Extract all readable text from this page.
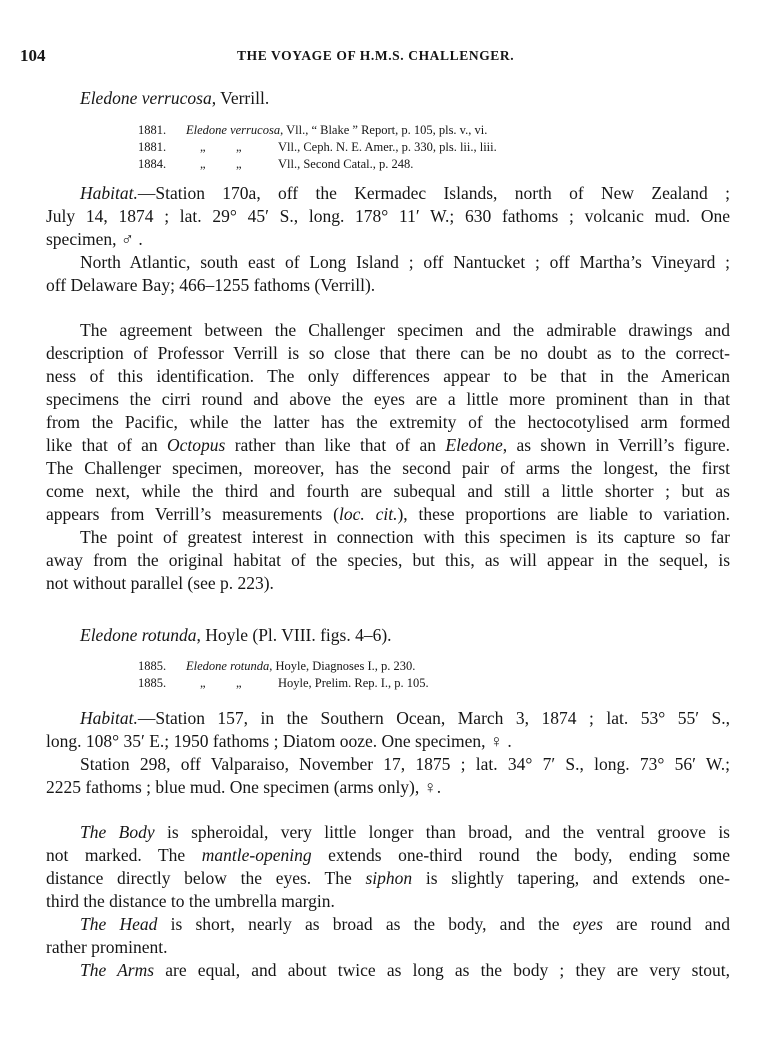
104	THE VOYAGE OF H.M.S. CHALLENGER.
Eledone verrucosa, Verrill.
1881. Eledone verrucosa, Vll., “ Blake ” Report, p. 105, pls. v., vi.
1881.	„ „	Vll., Ceph. N. E. Amer., p. 330, pls. lii., liii.
1884.	„ „	Vll., Second Catal., p. 248.
Habitat.—Station 170a, off the Kermadec Islands, north of New Zealand ;
July 14, 1874 ; lat. 29° 45′ S., long. 178° 11′ W.; 630 fathoms ; volcanic mud. One
specimen, ♂ .
North Atlantic, south east of Long Island ; off Nantucket ; off Martha’s Vineyard ;
off Delaware Bay; 466–1255 fathoms (Verrill).
The agreement between the Challenger specimen and the admirable drawings and
description of Professor Verrill is so close that there can be no doubt as to the correct-
ness of this identification. The only differences appear to be that in the American
specimens the cirri round and above the eyes are a little more prominent than in that
from the Pacific, while the latter has the extremity of the hectocotylised arm formed
like that of an Octopus rather than like that of an Eledone, as shown in Verrill’s figure.
The Challenger specimen, moreover, has the second pair of arms the longest, the first
come next, while the third and fourth are subequal and still a little shorter ; but as
appears from Verrill’s measurements (loc. cit.), these proportions are liable to variation.
The point of greatest interest in connection with this specimen is its capture so far
away from the original habitat of the species, but this, as will appear in the sequel, is
not without parallel (see p. 223).
Eledone rotunda, Hoyle (Pl. VIII. figs. 4–6).
1885. Eledone rotunda, Hoyle, Diagnoses I., p. 230.
1885.	„ „	Hoyle, Prelim. Rep. I., p. 105.
Habitat.—Station 157, in the Southern Ocean, March 3, 1874 ; lat. 53° 55′ S.,
long. 108° 35′ E.; 1950 fathoms ; Diatom ooze. One specimen, ♀ .
Station 298, off Valparaiso, November 17, 1875 ; lat. 34° 7′ S., long. 73° 56′ W.;
2225 fathoms ; blue mud. One specimen (arms only), ♀.
The Body is spheroidal, very little longer than broad, and the ventral groove is
not marked. The mantle-opening extends one-third round the body, ending some
distance directly below the eyes. The siphon is slightly tapering, and extends one-
third the distance to the umbrella margin.
The Head is short, nearly as broad as the body, and the eyes are round and
rather prominent.
The Arms are equal, and about twice as long as the body ; they are very stout,
